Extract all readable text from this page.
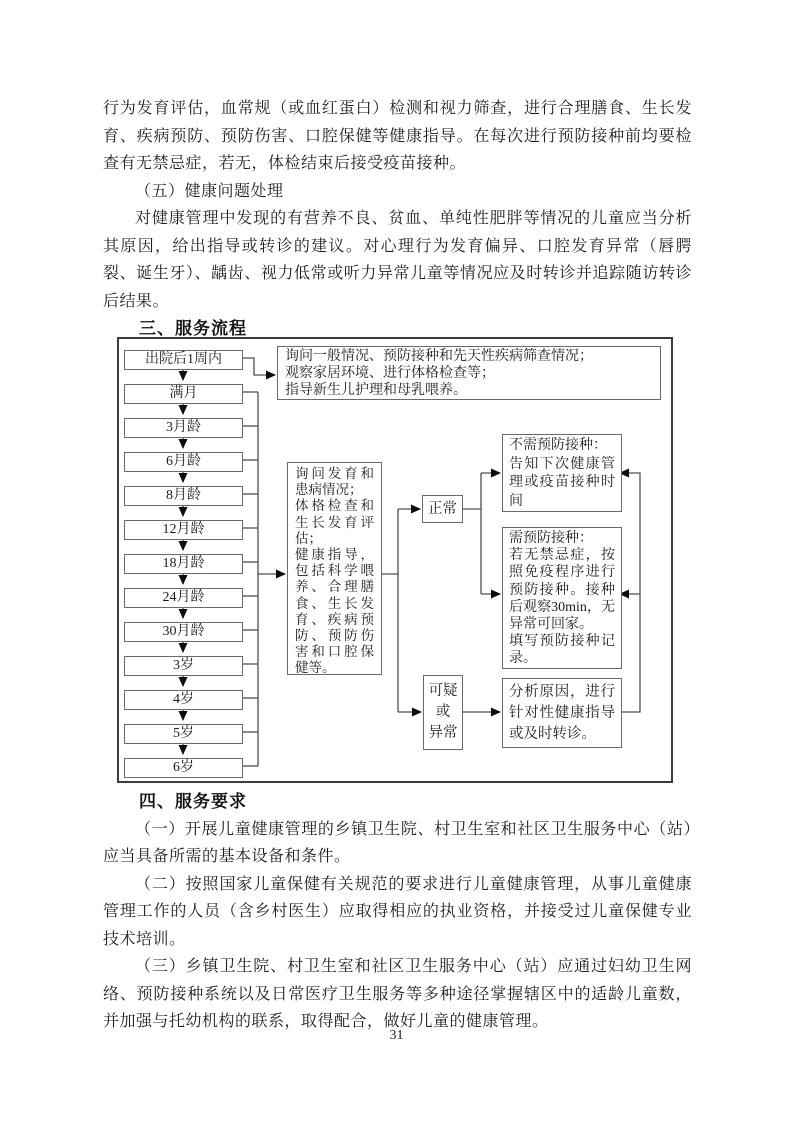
行为发育评估，血常规（或血红蛋白）检测和视力筛查，进行合理膳食、生长发育、疾病预防、预防伤害、口腔保健等健康指导。在每次进行预防接种前均要检查有无禁忌症，若无，体检结束后接受疫苗接种。

（五）健康问题处理

对健康管理中发现的有营养不良、贫血、单纯性肥胖等情况的儿童应当分析其原因，给出指导或转诊的建议。对心理行为发育偏异、口腔发育异常（唇腭裂、诞生牙）、龋齿、视力低常或听力异常儿童等情况应及时转诊并追踪随访转诊后结果。

三、服务流程
出院后1周内
满月
3月龄
6月龄
8月龄
12月龄
18月龄
24月龄
30月龄
3岁
4岁
5岁
6岁
询问一般情况、预防接种和先天性疾病筛查情况；
观察家居环境、进行体格检查等；
指导新生儿护理和母乳喂养。
询问发育和患病情况；
体格检查和生长发育评估；
健康指导，包括科学喂养、合理膳食、生长发育、疾病预防、预防伤害和口腔保健等。
正常
可疑
或
异常
不需预防接种：
告知下次健康管理或疫苗接种时间
需预防接种：
若无禁忌症，按照免疫程序进行预防接种。接种后观察30min，无异常可回家。
填写预防接种记录。
分析原因，进行针对性健康指导或及时转诊。
四、服务要求

（一）开展儿童健康管理的乡镇卫生院、村卫生室和社区卫生服务中心（站）应当具备所需的基本设备和条件。

（二）按照国家儿童保健有关规范的要求进行儿童健康管理，从事儿童健康管理工作的人员（含乡村医生）应取得相应的执业资格，并接受过儿童保健专业技术培训。

（三）乡镇卫生院、村卫生室和社区卫生服务中心（站）应通过妇幼卫生网络、预防接种系统以及日常医疗卫生服务等多种途径掌握辖区中的适龄儿童数，并加强与托幼机构的联系，取得配合，做好儿童的健康管理。

31
